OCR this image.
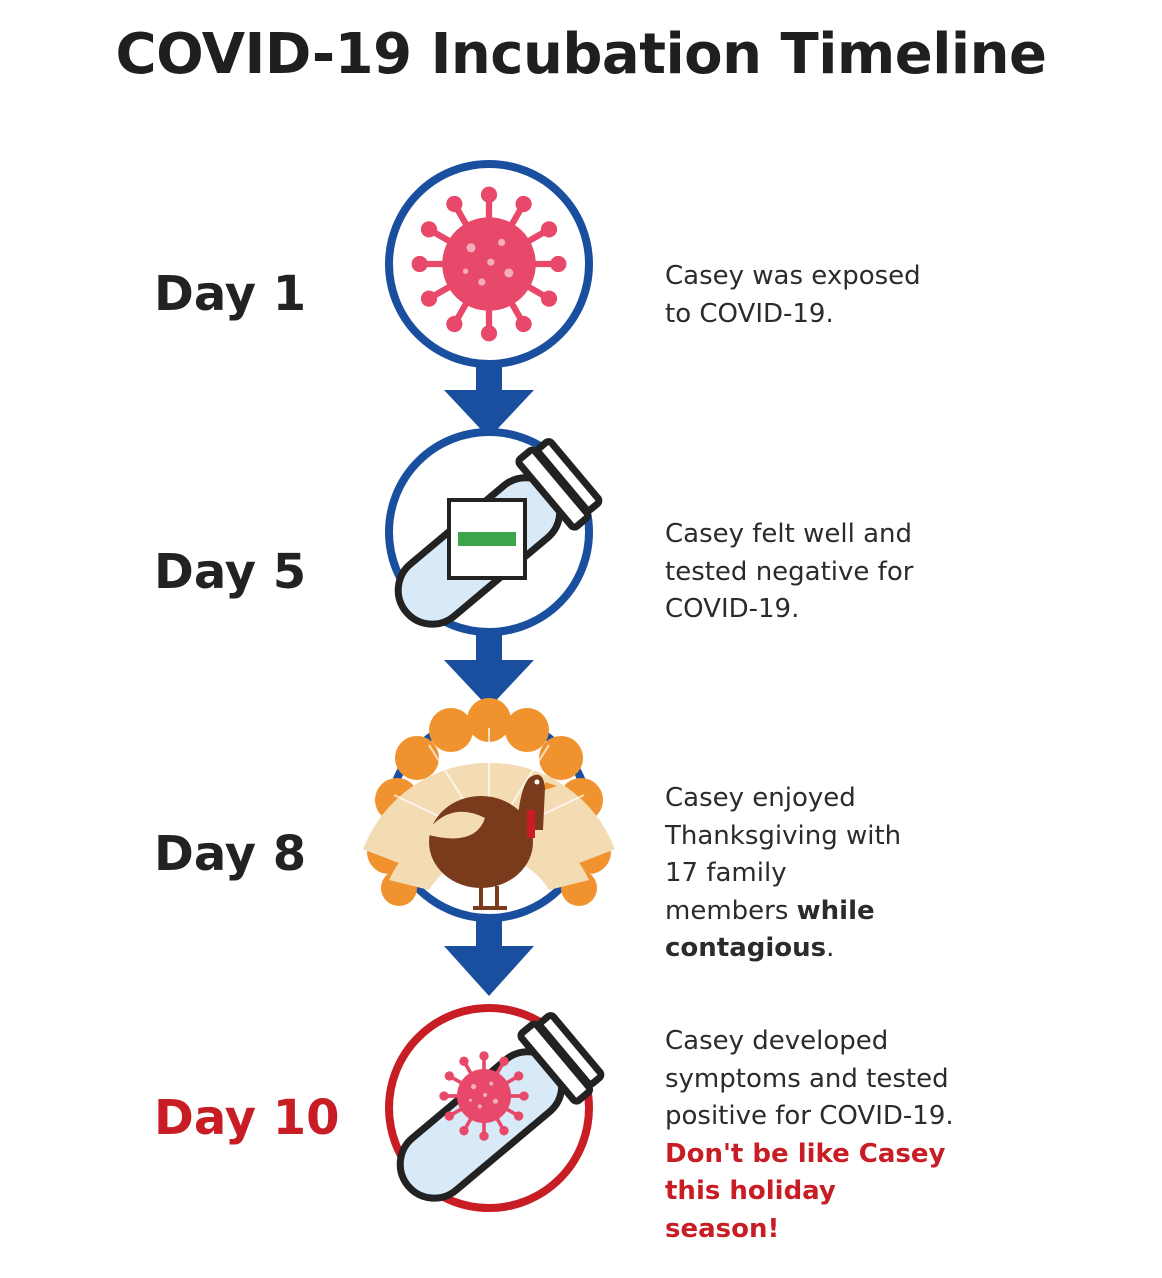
COVID-19 Incubation Timeline
Day 1
Day 5
Day 8
Day 10
Casey was exposed to COVID-19.
Casey felt well and tested negative for COVID-19.
Casey enjoyed Thanksgiving with 17 family members while contagious.
Casey developed symptoms and tested positive for COVID-19.
Don't be like Casey
this holiday season!
